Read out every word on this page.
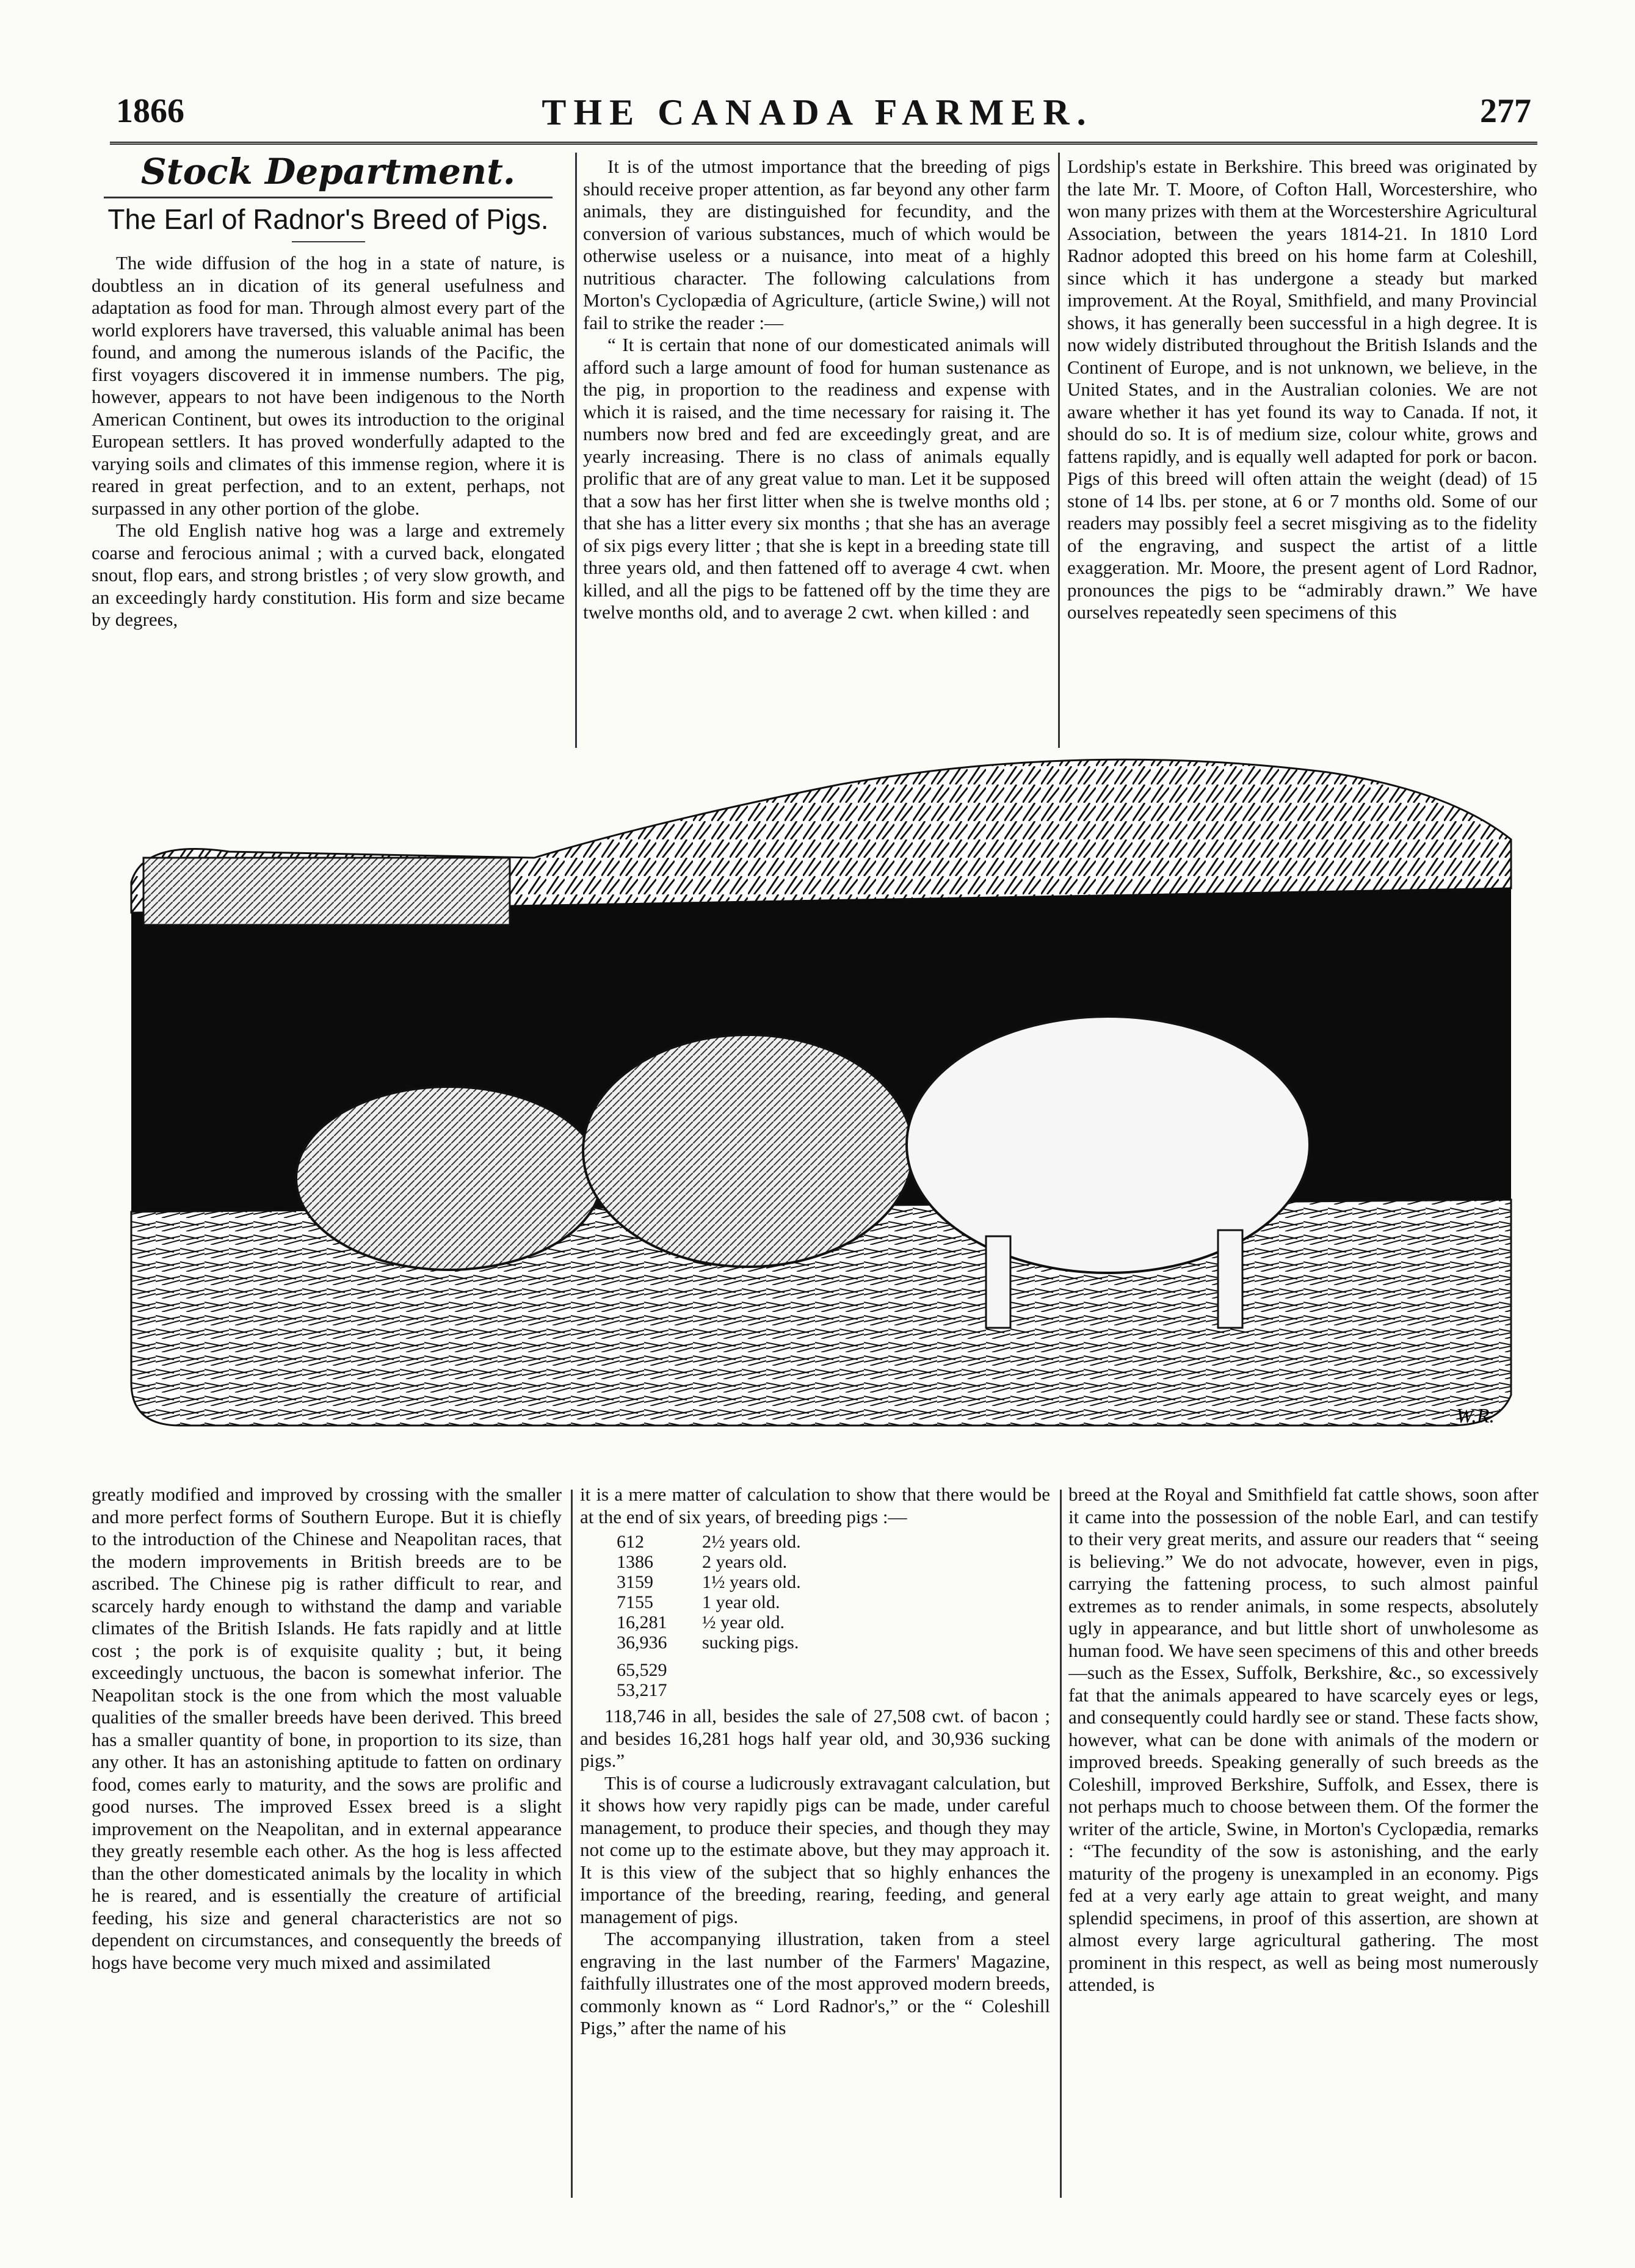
1866	THE CANADA FARMER.	277
Stock Department.
The Earl of Radnor's Breed of Pigs.

The wide diffusion of the hog in a state of nature, is doubtless an in dication of its general usefulness and adaptation as food for man. Through almost every part of the world explorers have traversed, this valuable animal has been found, and among the numerous islands of the Pacific, the first voyagers discovered it in immense numbers. The pig, however, appears to not have been indigenous to the North American Continent, but owes its introduction to the original European settlers. It has proved wonderfully adapted to the varying soils and climates of this immense region, where it is reared in great perfection, and to an extent, perhaps, not surpassed in any other portion of the globe.

The old English native hog was a large and extremely coarse and ferocious animal ; with a curved back, elongated snout, flop ears, and strong bristles ; of very slow growth, and an exceedingly hardy constitution. His form and size became by degrees,

It is of the utmost importance that the breeding of pigs should receive proper attention, as far beyond any other farm animals, they are distinguished for fecundity, and the conversion of various substances, much of which would be otherwise useless or a nuisance, into meat of a highly nutritious character. The following calculations from Morton's Cyclopædia of Agriculture, (article Swine,) will not fail to strike the reader :—

“ It is certain that none of our domesticated animals will afford such a large amount of food for human sustenance as the pig, in proportion to the readiness and expense with which it is raised, and the time necessary for raising it. The numbers now bred and fed are exceedingly great, and are yearly increasing. There is no class of animals equally prolific that are of any great value to man. Let it be supposed that a sow has her first litter when she is twelve months old ; that she has a litter every six months ; that she has an average of six pigs every litter ; that she is kept in a breeding state till three years old, and then fattened off to average 4 cwt. when killed, and all the pigs to be fattened off by the time they are twelve months old, and to average 2 cwt. when killed : and

Lordship's estate in Berkshire. This breed was originated by the late Mr. T. Moore, of Cofton Hall, Worcestershire, who won many prizes with them at the Worcestershire Agricultural Association, between the years 1814-21. In 1810 Lord Radnor adopted this breed on his home farm at Coleshill, since which it has undergone a steady but marked improvement. At the Royal, Smithfield, and many Provincial shows, it has generally been successful in a high degree. It is now widely distributed throughout the British Islands and the Continent of Europe, and is not unknown, we believe, in the United States, and in the Australian colonies. We are not aware whether it has yet found its way to Canada. If not, it should do so. It is of medium size, colour white, grows and fattens rapidly, and is equally well adapted for pork or bacon. Pigs of this breed will often attain the weight (dead) of 15 stone of 14 lbs. per stone, at 6 or 7 months old. Some of our readers may possibly feel a secret misgiving as to the fidelity of the engraving, and suspect the artist of a little exaggeration. Mr. Moore, the present agent of Lord Radnor, pronounces the pigs to be “admirably drawn.” We have ourselves repeatedly seen specimens of this

W.R.

greatly modified and improved by crossing with the smaller and more perfect forms of Southern Europe. But it is chiefly to the introduction of the Chinese and Neapolitan races, that the modern improvements in British breeds are to be ascribed. The Chinese pig is rather difficult to rear, and scarcely hardy enough to withstand the damp and variable climates of the British Islands. He fats rapidly and at little cost ; the pork is of exquisite quality ; but, it being exceedingly unctuous, the bacon is somewhat inferior. The Neapolitan stock is the one from which the most valuable qualities of the smaller breeds have been derived. This breed has a smaller quantity of bone, in proportion to its size, than any other. It has an astonishing aptitude to fatten on ordinary food, comes early to maturity, and the sows are prolific and good nurses. The improved Essex breed is a slight improvement on the Neapolitan, and in external appearance they greatly resemble each other. As the hog is less affected than the other domesticated animals by the locality in which he is reared, and is essentially the creature of artificial feeding, his size and general characteristics are not so dependent on circumstances, and consequently the breeds of hogs have become very much mixed and assimilated

it is a mere matter of calculation to show that there would be at the end of six years, of breeding pigs :—

612	2½ years old.
1386	2 years old.
3159	1½ years old.
7155	1 year old.
16,281	½ year old.
36,936	sucking pigs.
65,529
53,217

118,746 in all, besides the sale of 27,508 cwt. of bacon ; and besides 16,281 hogs half year old, and 30,936 sucking pigs.”

This is of course a ludicrously extravagant calculation, but it shows how very rapidly pigs can be made, under careful management, to produce their species, and though they may not come up to the estimate above, but they may approach it. It is this view of the subject that so highly enhances the importance of the breeding, rearing, feeding, and general management of pigs.

The accompanying illustration, taken from a steel engraving in the last number of the Farmers' Magazine, faithfully illustrates one of the most approved modern breeds, commonly known as “ Lord Radnor's,” or the “ Coleshill Pigs,” after the name of his

breed at the Royal and Smithfield fat cattle shows, soon after it came into the possession of the noble Earl, and can testify to their very great merits, and assure our readers that “ seeing is believing.” We do not advocate, however, even in pigs, carrying the fattening process, to such almost painful extremes as to render animals, in some respects, absolutely ugly in appearance, and but little short of unwholesome as human food. We have seen specimens of this and other breeds—such as the Essex, Suffolk, Berkshire, &c., so excessively fat that the animals appeared to have scarcely eyes or legs, and consequently could hardly see or stand. These facts show, however, what can be done with animals of the modern or improved breeds. Speaking generally of such breeds as the Coleshill, improved Berkshire, Suffolk, and Essex, there is not perhaps much to choose between them. Of the former the writer of the article, Swine, in Morton's Cyclopædia, remarks : “The fecundity of the sow is astonishing, and the early maturity of the progeny is unexampled in an economy. Pigs fed at a very early age attain to great weight, and many splendid specimens, in proof of this assertion, are shown at almost every large agricultural gathering. The most prominent in this respect, as well as being most numerously attended, is
